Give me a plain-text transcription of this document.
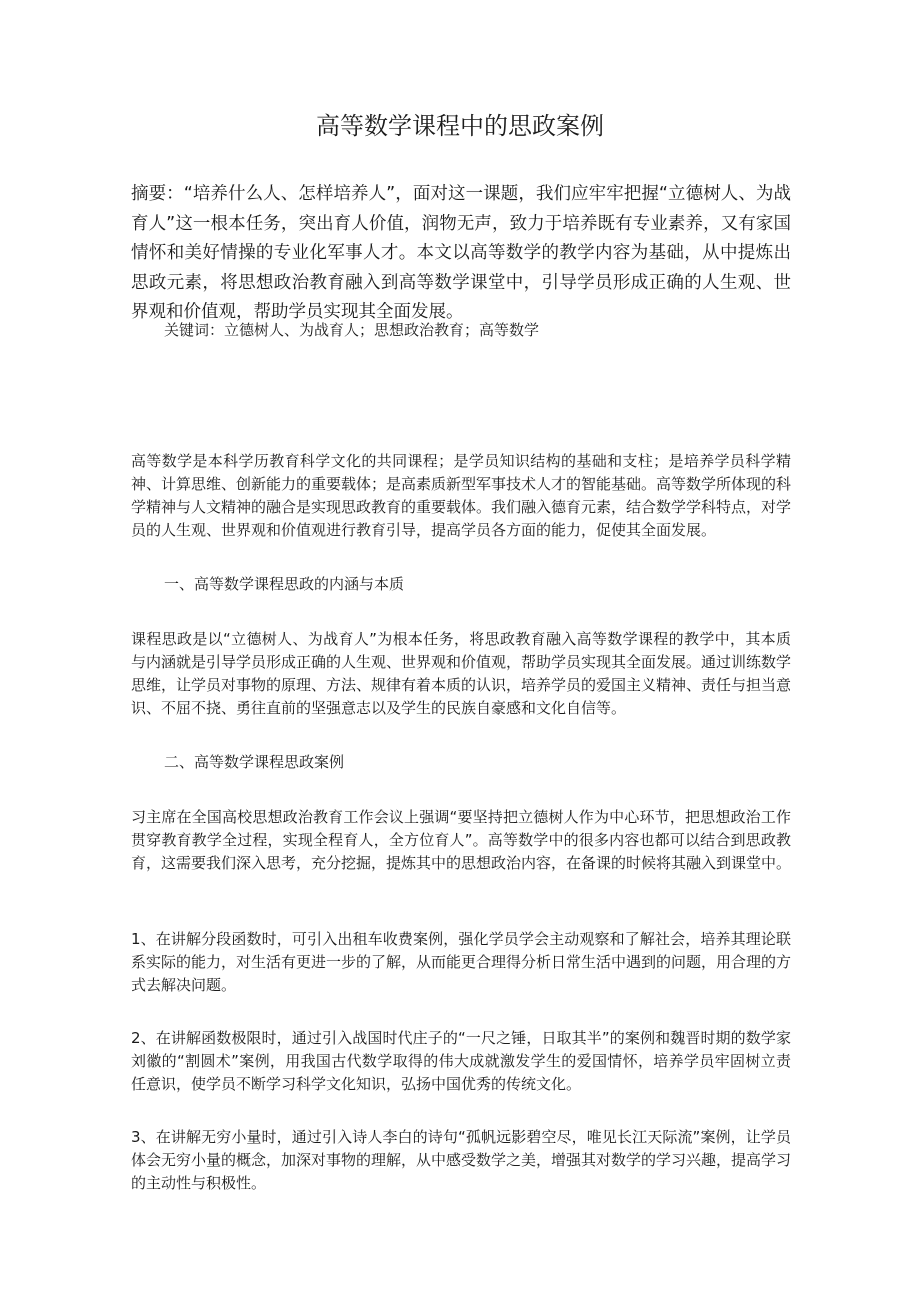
高等数学课程中的思政案例

摘要：“培养什么人、怎样培养人”，面对这一课题，我们应牢牢把握“立德树人、为战育人”这一根本任务，突出育人价值，润物无声，致力于培养既有专业素养，又有家国情怀和美好情操的专业化军事人才。本文以高等数学的教学内容为基础，从中提炼出思政元素，将思想政治教育融入到高等数学课堂中，引导学员形成正确的人生观、世界观和价值观，帮助学员实现其全面发展。

关键词：立德树人、为战育人；思想政治教育；高等数学

高等数学是本科学历教育科学文化的共同课程；是学员知识结构的基础和支柱；是培养学员科学精神、计算思维、创新能力的重要载体；是高素质新型军事技术人才的智能基础。高等数学所体现的科学精神与人文精神的融合是实现思政教育的重要载体。我们融入德育元素，结合数学学科特点，对学员的人生观、世界观和价值观进行教育引导，提高学员各方面的能力，促使其全面发展。

一、高等数学课程思政的内涵与本质

课程思政是以“立德树人、为战育人”为根本任务，将思政教育融入高等数学课程的教学中，其本质与内涵就是引导学员形成正确的人生观、世界观和价值观，帮助学员实现其全面发展。通过训练数学思维，让学员对事物的原理、方法、规律有着本质的认识，培养学员的爱国主义精神、责任与担当意识、不屈不挠、勇往直前的坚强意志以及学生的民族自豪感和文化自信等。

二、高等数学课程思政案例

习主席在全国高校思想政治教育工作会议上强调“要坚持把立德树人作为中心环节，把思想政治工作贯穿教育教学全过程，实现全程育人，全方位育人”。高等数学中的很多内容也都可以结合到思政教育，这需要我们深入思考，充分挖掘，提炼其中的思想政治内容，在备课的时候将其融入到课堂中。

1、在讲解分段函数时，可引入出租车收费案例，强化学员学会主动观察和了解社会，培养其理论联系实际的能力，对生活有更进一步的了解，从而能更合理得分析日常生活中遇到的问题，用合理的方式去解决问题。

2、在讲解函数极限时，通过引入战国时代庄子的“一尺之锤，日取其半”的案例和魏晋时期的数学家刘徽的“割圆术”案例，用我国古代数学取得的伟大成就激发学生的爱国情怀，培养学员牢固树立责任意识，使学员不断学习科学文化知识，弘扬中国优秀的传统文化。

3、在讲解无穷小量时，通过引入诗人李白的诗句“孤帆远影碧空尽，唯见长江天际流”案例，让学员体会无穷小量的概念，加深对事物的理解，从中感受数学之美，增强其对数学的学习兴趣，提高学习的主动性与积极性。
